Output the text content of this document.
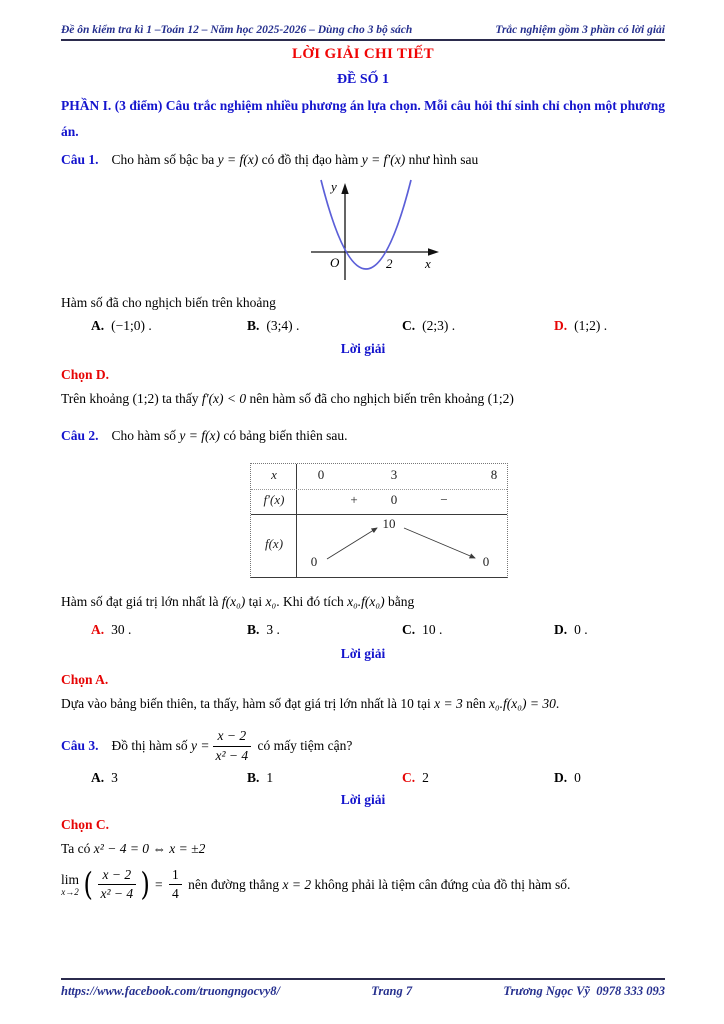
Đề ôn kiểm tra kì 1 –Toán 12 – Năm học 2025-2026 – Dùng cho 3 bộ sách	Trắc nghiệm gồm 3 phần có lời giải
LỜI GIẢI CHI TIẾT
ĐỀ SỐ 1
PHẦN I. (3 điểm) Câu trắc nghiệm nhiều phương án lựa chọn. Mỗi câu hỏi thí sinh chỉ chọn một phương án.

Câu 1. Cho hàm số bậc ba y = f(x) có đồ thị đạo hàm y = f′(x) như hình sau

y
x
O	2

Hàm số đã cho nghịch biến trên khoảng

A. (−1;0) .	B. (3;4) .	C. (2;3) .	D. (1;2) .

Lời giải

Chọn D.

Trên khoảng (1;2) ta thấy f′(x) < 0 nên hàm số đã cho nghịch biến trên khoảng (1;2)

Câu 2. Cho hàm số y = f(x) có bảng biến thiên sau.

x	0	3	8
f′(x)	+	0	−
f(x)
10
0	0

Hàm số đạt giá trị lớn nhất là f(x₀) tại x₀. Khi đó tích x₀.f(x₀) bằng

A. 30 .	B. 3 .	C. 10 .	D. 0 .

Lời giải

Chọn A.

Dựa vào bảng biến thiên, ta thấy, hàm số đạt giá trị lớn nhất là 10 tại x = 3 nên x₀.f(x₀) = 30.

Câu 3. Đồ thị hàm số $y = \frac{x - 2}{\text{x² − 4}}$ có mấy tiệm cận?
A. 3	B. 1	C. 2	D. 0

Lời giải

Chọn C.

Ta có x² − 4 = 0 ⇔ x = ±2

lim
x→2 ( $\frac{x - 2}{\text{x² − 4}}$ ) = $\frac{1}{4}$ nên đường thẳng x = 2 không phải là tiệm cân đứng của đồ thị hàm số.
https://www.facebook.com/truongngocvy8/	Trang 7	Trương Ngọc Vỹ  0978 333 093
